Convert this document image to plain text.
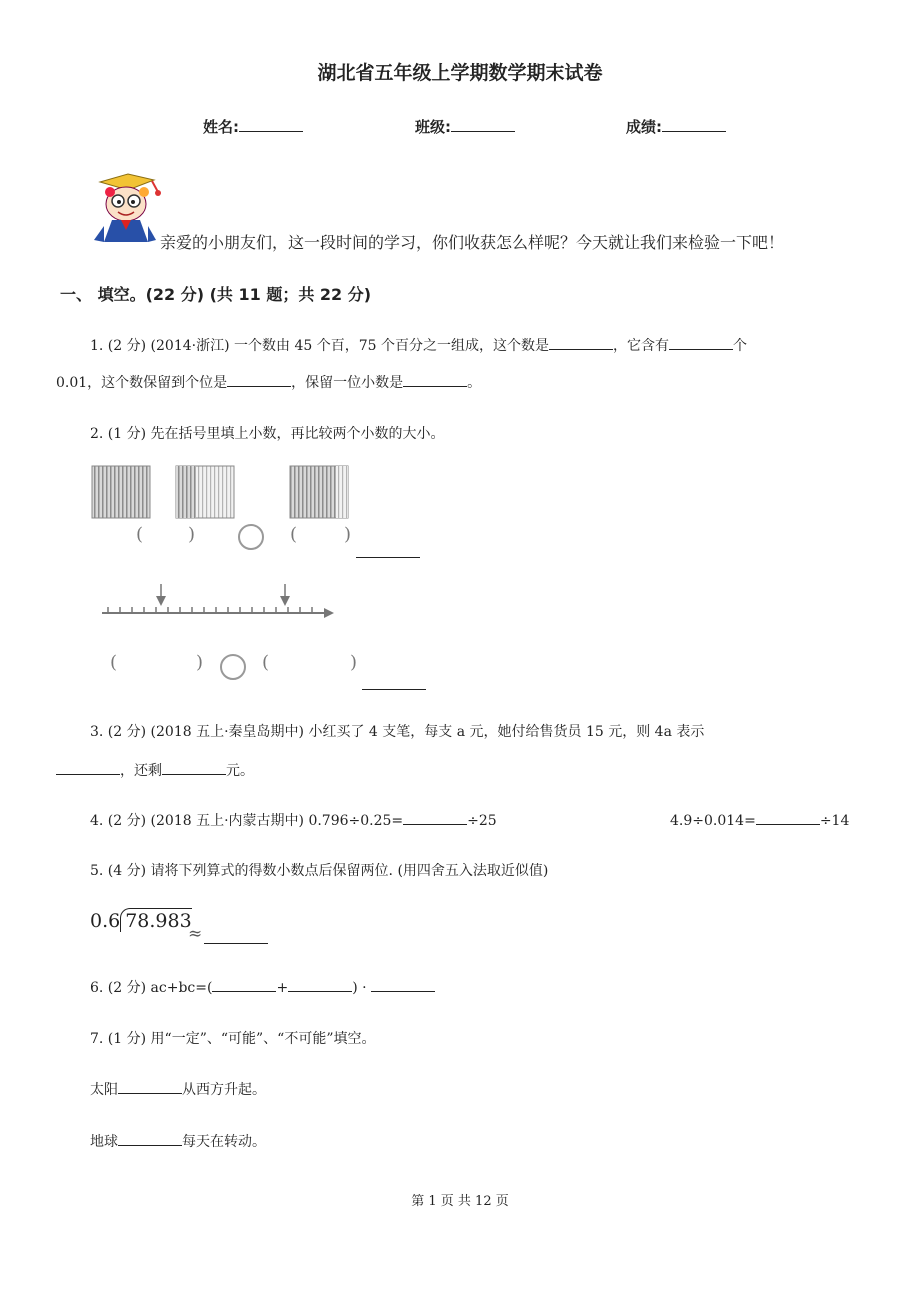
湖北省五年级上学期数学期末试卷
姓名:	班级:	成绩:
亲爱的小朋友们，这一段时间的学习，你们收获怎么样呢？今天就让我们来检验一下吧！
一、 填空。(22 分) (共 11 题；共 22 分)
1. (2 分) (2014·浙江) 一个数由 45 个百，75 个百分之一组成，这个数是	，它含有	个
0.01，这个数保留到个位是	，保留一位小数是	。
2. (1 分) 先在括号里填上小数，再比较两个小数的大小。
( )	(	)
(	)	(	)
3. (2 分) (2018 五上·秦皇岛期中) 小红买了 4 支笔，每支 a 元，她付给售货员 15 元，则 4a 表示
，还剩	元。
4. (2 分) (2018 五上·内蒙古期中) 0.796÷0.25=	÷25	4.9÷0.014=	÷14
5. (4 分) 请将下列算式的得数小数点后保留两位. (用四舍五入法取近似值)
0.6 78.983
≈
6. (2 分) ac+bc=(	+	) ·
7. (1 分) 用“一定”、“可能”、“不可能”填空。
太阳	从西方升起。
地球	每天在转动。
第 1 页 共 12 页
